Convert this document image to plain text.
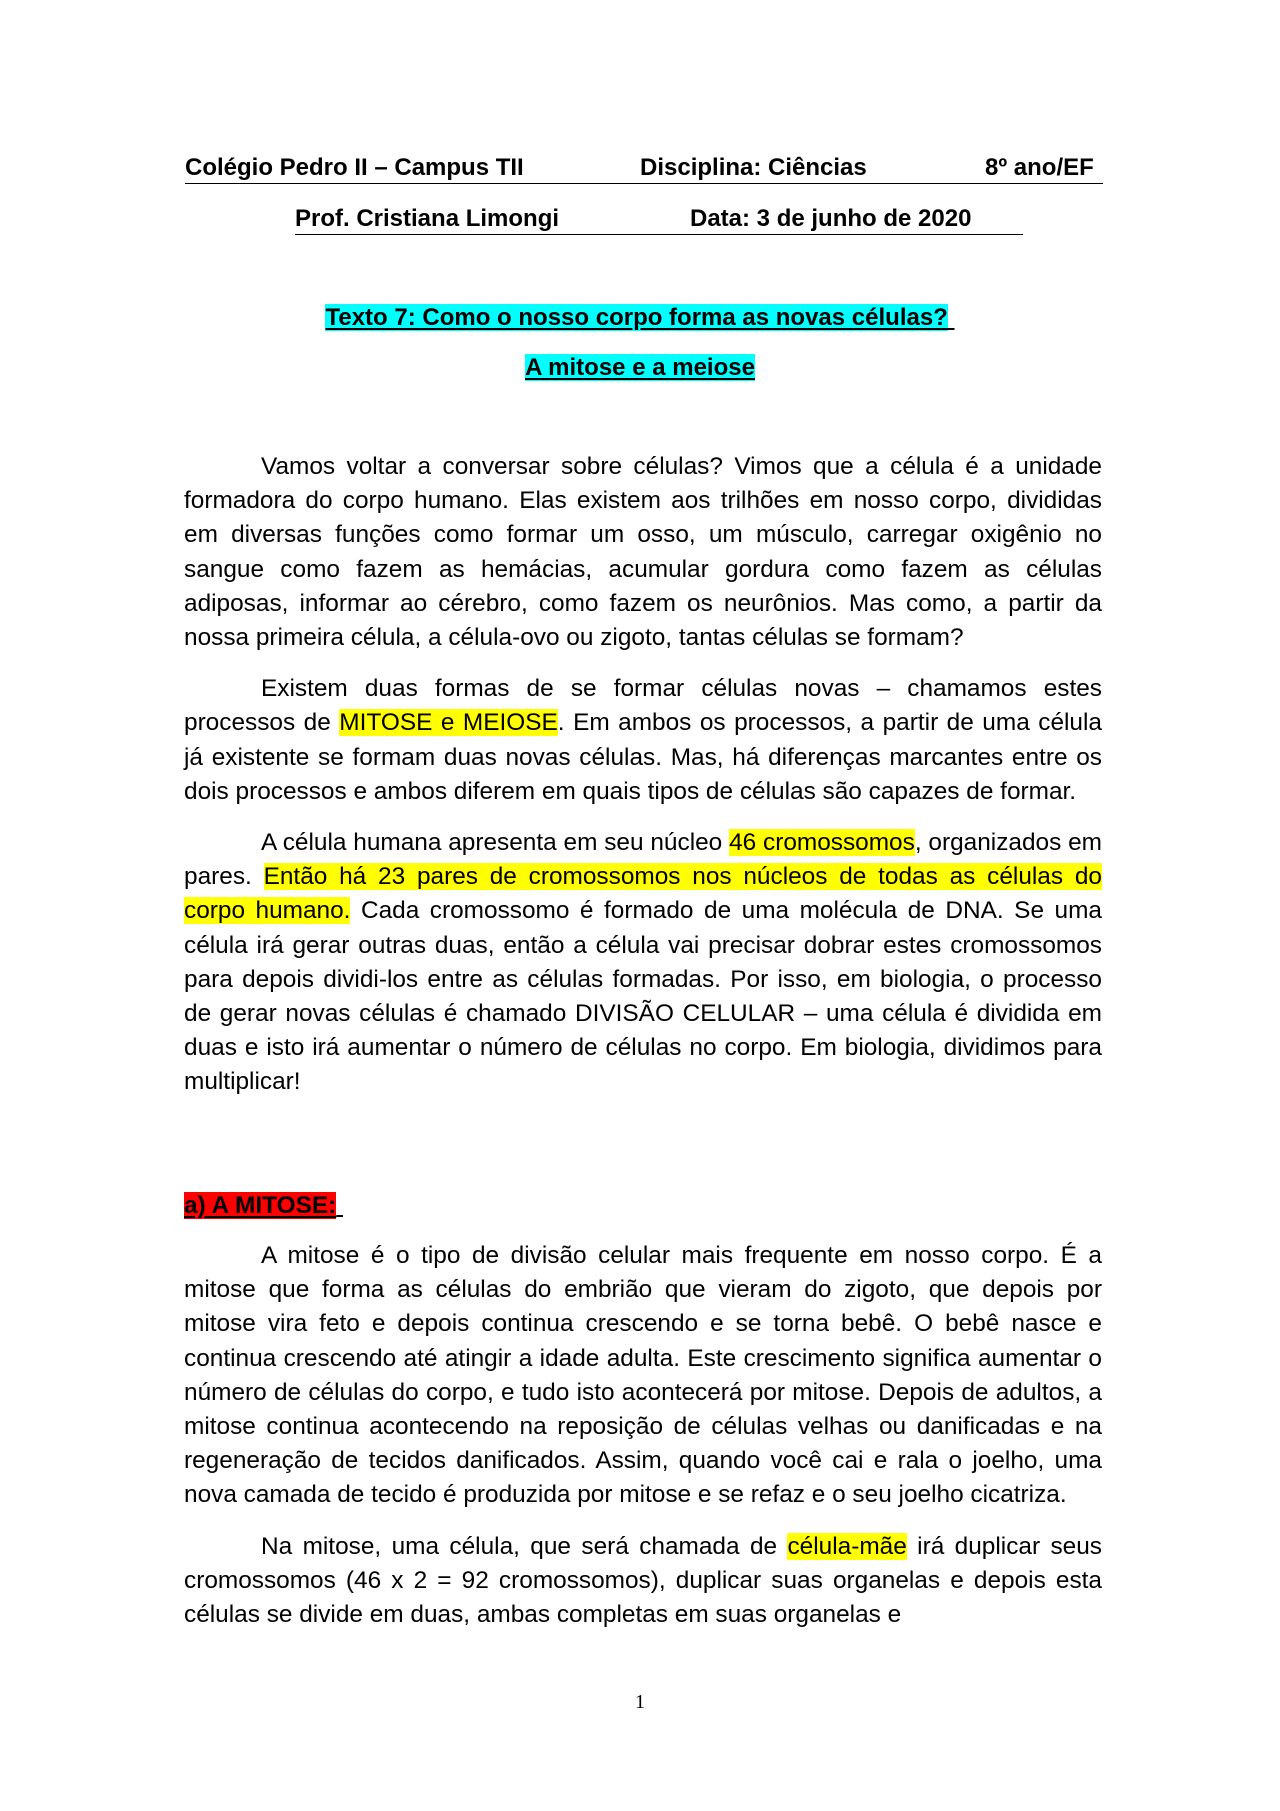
Colégio Pedro II – Campus TII	Disciplina: Ciências	8º ano/EF
Prof. Cristiana Limongi	Data: 3 de junho de 2020
Texto 7: Como o nosso corpo forma as novas células?
A mitose e a meiose

Vamos voltar a conversar sobre células? Vimos que a célula é a unidade formadora do corpo humano. Elas existem aos trilhões em nosso corpo, divididas em diversas funções como formar um osso, um músculo, carregar oxigênio no sangue como fazem as hemácias, acumular gordura como fazem as células adiposas, informar ao cérebro, como fazem os neurônios. Mas como, a partir da nossa primeira célula, a célula-ovo ou zigoto, tantas células se formam?

Existem duas formas de se formar células novas – chamamos estes processos de MITOSE e MEIOSE. Em ambos os processos, a partir de uma célula já existente se formam duas novas células. Mas, há diferenças marcantes entre os dois processos e ambos diferem em quais tipos de células são capazes de formar.

A célula humana apresenta em seu núcleo 46 cromossomos, organizados em pares. Então há 23 pares de cromossomos nos núcleos de todas as células do corpo humano. Cada cromossomo é formado de uma molécula de DNA. Se uma célula irá gerar outras duas, então a célula vai precisar dobrar estes cromossomos para depois dividi-los entre as células formadas. Por isso, em biologia, o processo de gerar novas células é chamado DIVISÃO CELULAR – uma célula é dividida em duas e isto irá aumentar o número de células no corpo. Em biologia, dividimos para multiplicar!

a) A MITOSE:

A mitose é o tipo de divisão celular mais frequente em nosso corpo. É a mitose que forma as células do embrião que vieram do zigoto, que depois por mitose vira feto e depois continua crescendo e se torna bebê. O bebê nasce e continua crescendo até atingir a idade adulta. Este crescimento significa aumentar o número de células do corpo, e tudo isto acontecerá por mitose. Depois de adultos, a mitose continua acontecendo na reposição de células velhas ou danificadas e na regeneração de tecidos danificados. Assim, quando você cai e rala o joelho, uma nova camada de tecido é produzida por mitose e se refaz e o seu joelho cicatriza.

Na mitose, uma célula, que será chamada de célula-mãe irá duplicar seus cromossomos (46 x 2 = 92 cromossomos), duplicar suas organelas e depois esta células se divide em duas, ambas completas em suas organelas e

1
